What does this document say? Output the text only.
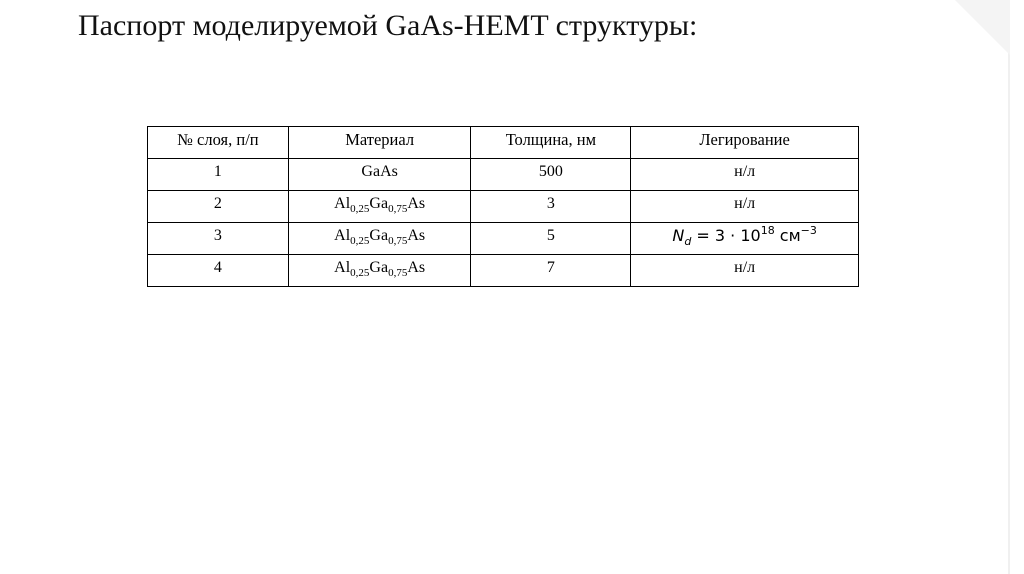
Паспорт моделируемой GaAs-HEMT структуры:
№ слоя, п/п	Материал	Толщина, нм	Легирование
1	GaAs	500	н/л
2	$Al_{0,25}Ga_{0,75}As$	3	н/л
3	$Al_{0,25}Ga_{0,75}As$	5	$N_d = 3 \cdot 10^{18}$ $см^{-3}$
4	$Al_{0,25}Ga_{0,75}As$	7	н/л
